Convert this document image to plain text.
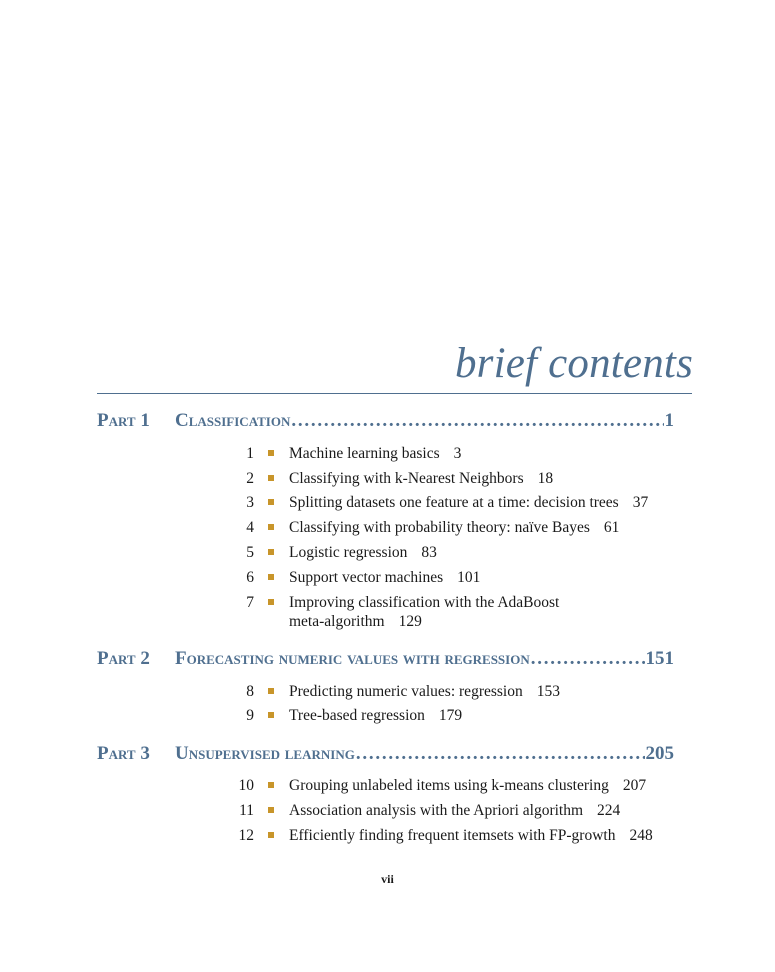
brief contents
Part 1	Classification . . .	1
1 Machine learning basics 3
2 Classifying with k-Nearest Neighbors 18
3 Splitting datasets one feature at a time: decision trees 37
4 Classifying with probability theory: naïve Bayes 61
5 Logistic regression 83
6 Support vector machines 101
7 Improving classification with the AdaBoost
meta-algorithm 129
Part 2	Forecasting numeric values with regression . . .	151
8 Predicting numeric values: regression 153
9 Tree-based regression 179
Part 3	Unsupervised learning . . .	205
10 Grouping unlabeled items using k-means clustering 207
11 Association analysis with the Apriori algorithm 224
12 Efficiently finding frequent itemsets with FP-growth 248
vii
